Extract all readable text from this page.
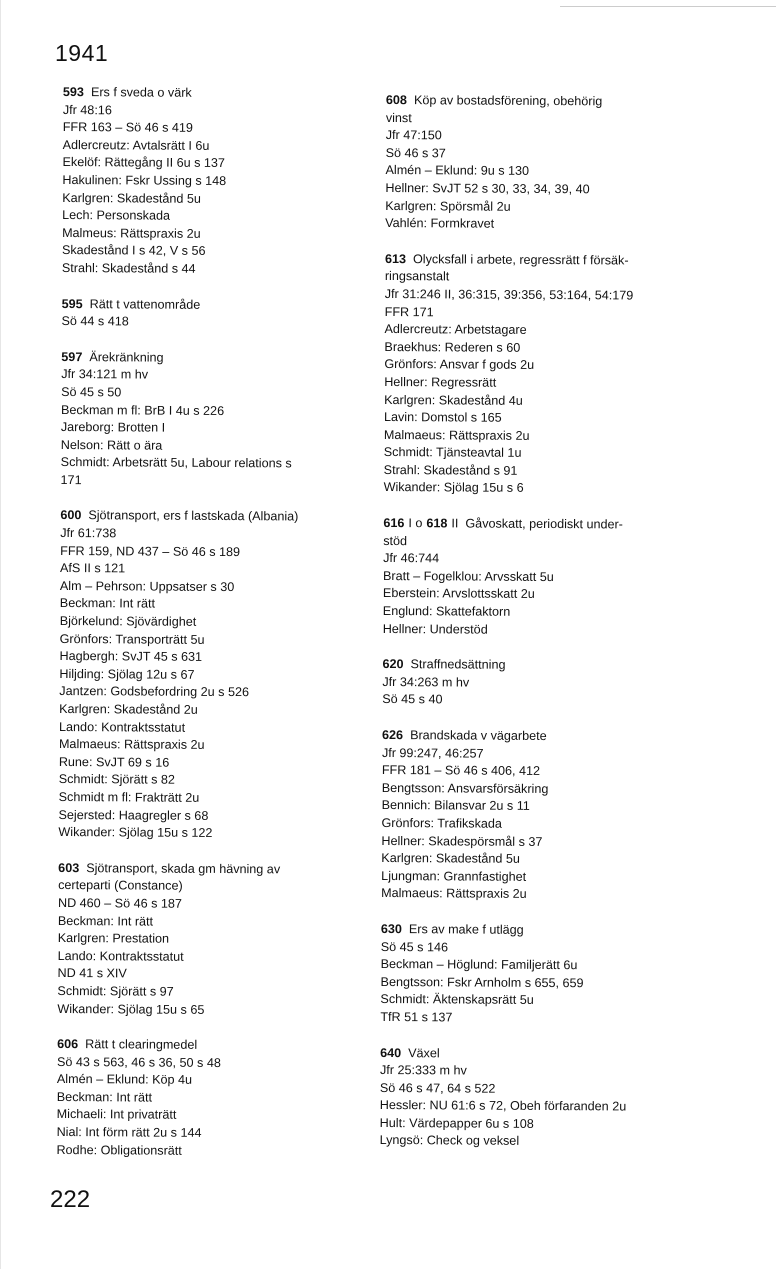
1941
593 Ers f sveda o värk
Jfr 48:16
FFR 163 – Sö 46 s 419
Adlercreutz: Avtalsrätt I 6u
Ekelöf: Rättegång II 6u s 137
Hakulinen: Fskr Ussing s 148
Karlgren: Skadestånd 5u
Lech: Personskada
Malmeus: Rättspraxis 2u
Skadestånd I s 42, V s 56
Strahl: Skadestånd s 44
595 Rätt t vattenområde
Sö 44 s 418
597 Ärekränkning
Jfr 34:121 m hv
Sö 45 s 50
Beckman m fl: BrB I 4u s 226
Jareborg: Brotten I
Nelson: Rätt o ära
Schmidt: Arbetsrätt 5u, Labour relations s
171
600 Sjötransport, ers f lastskada (Albania)
Jfr 61:738
FFR 159, ND 437 – Sö 46 s 189
AfS II s 121
Alm – Pehrson: Uppsatser s 30
Beckman: Int rätt
Björkelund: Sjövärdighet
Grönfors: Transporträtt 5u
Hagbergh: SvJT 45 s 631
Hiljding: Sjölag 12u s 67
Jantzen: Godsbefordring 2u s 526
Karlgren: Skadestånd 2u
Lando: Kontraktsstatut
Malmaeus: Rättspraxis 2u
Rune: SvJT 69 s 16
Schmidt: Sjörätt s 82
Schmidt m fl: Frakträtt 2u
Sejersted: Haagregler s 68
Wikander: Sjölag 15u s 122
603 Sjötransport, skada gm hävning av
certeparti (Constance)
ND 460 – Sö 46 s 187
Beckman: Int rätt
Karlgren: Prestation
Lando: Kontraktsstatut
ND 41 s XIV
Schmidt: Sjörätt s 97
Wikander: Sjölag 15u s 65
606 Rätt t clearingmedel
Sö 43 s 563, 46 s 36, 50 s 48
Almén – Eklund: Köp 4u
Beckman: Int rätt
Michaeli: Int privaträtt
Nial: Int förm rätt 2u s 144
Rodhe: Obligationsrätt
608 Köp av bostadsförening, obehörig
vinst
Jfr 47:150
Sö 46 s 37
Almén – Eklund: 9u s 130
Hellner: SvJT 52 s 30, 33, 34, 39, 40
Karlgren: Spörsmål 2u
Vahlén: Formkravet
613 Olycksfall i arbete, regressrätt f försäk-
ringsanstalt
Jfr 31:246 II, 36:315, 39:356, 53:164, 54:179
FFR 171
Adlercreutz: Arbetstagare
Braekhus: Rederen s 60
Grönfors: Ansvar f gods 2u
Hellner: Regressrätt
Karlgren: Skadestånd 4u
Lavin: Domstol s 165
Malmaeus: Rättspraxis 2u
Schmidt: Tjänsteavtal 1u
Strahl: Skadestånd s 91
Wikander: Sjölag 15u s 6
616 I o 618 II Gåvoskatt, periodiskt under-
stöd
Jfr 46:744
Bratt – Fogelklou: Arvsskatt 5u
Eberstein: Arvslottsskatt 2u
Englund: Skattefaktorn
Hellner: Understöd
620 Straffnedsättning
Jfr 34:263 m hv
Sö 45 s 40
626 Brandskada v vägarbete
Jfr 99:247, 46:257
FFR 181 – Sö 46 s 406, 412
Bengtsson: Ansvarsförsäkring
Bennich: Bilansvar 2u s 11
Grönfors: Trafikskada
Hellner: Skadespörsmål s 37
Karlgren: Skadestånd 5u
Ljungman: Grannfastighet
Malmaeus: Rättspraxis 2u
630 Ers av make f utlägg
Sö 45 s 146
Beckman – Höglund: Familjerätt 6u
Bengtsson: Fskr Arnholm s 655, 659
Schmidt: Äktenskapsrätt 5u
TfR 51 s 137
640 Växel
Jfr 25:333 m hv
Sö 46 s 47, 64 s 522
Hessler: NU 61:6 s 72, Obeh förfaranden 2u
Hult: Värdepapper 6u s 108
Lyngsö: Check og veksel
222
